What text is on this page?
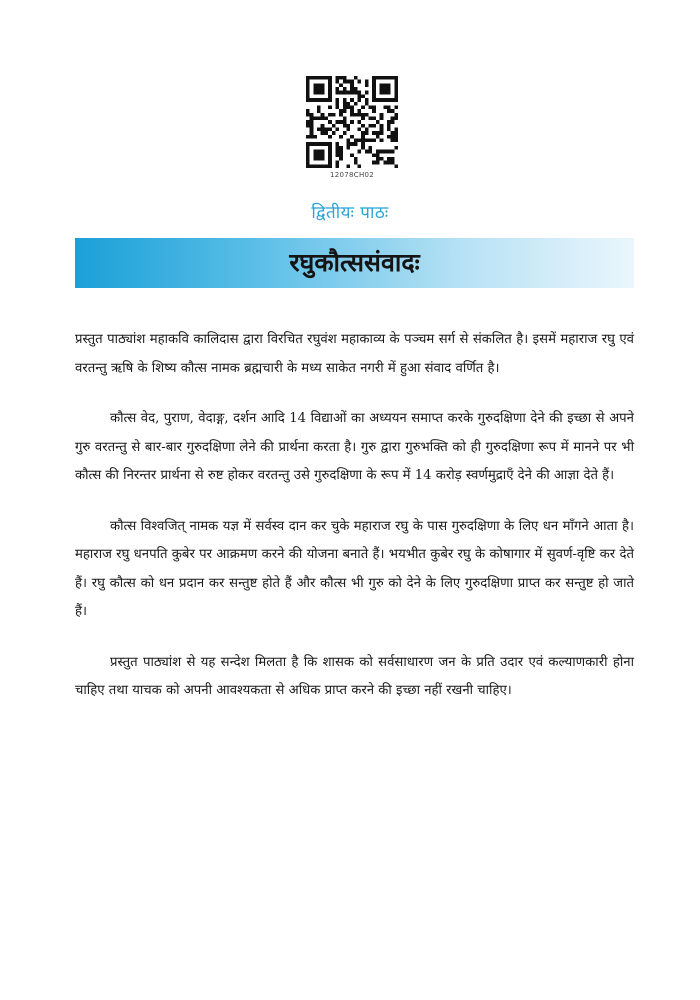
12078CH02
द्वितीयः पाठः
रघुकौत्ससंवादः

प्रस्तुत पाठ्यांश महाकवि कालिदास द्वारा विरचित रघुवंश महाकाव्य के पञ्चम सर्ग से संकलित है। इसमें महाराज रघु एवं वरतन्तु ऋषि के शिष्य कौत्स नामक ब्रह्मचारी के मध्य साकेत नगरी में हुआ संवाद वर्णित है।

कौत्स वेद, पुराण, वेदाङ्ग, दर्शन आदि 14 विद्याओं का अध्ययन समाप्त करके गुरुदक्षिणा देने की इच्छा से अपने गुरु वरतन्तु से बार-बार गुरुदक्षिणा लेने की प्रार्थना करता है। गुरु द्वारा गुरुभक्ति को ही गुरुदक्षिणा रूप में मानने पर भी कौत्स की निरन्तर प्रार्थना से रुष्ट होकर वरतन्तु उसे गुरुदक्षिणा के रूप में 14 करोड़ स्वर्णमुद्राएँ देने की आज्ञा देते हैं।

कौत्स विश्वजित् नामक यज्ञ में सर्वस्व दान कर चुके महाराज रघु के पास गुरुदक्षिणा के लिए धन माँगने आता है। महाराज रघु धनपति कुबेर पर आक्रमण करने की योजना बनाते हैं। भयभीत कुबेर रघु के कोषागार में सुवर्ण-वृष्टि कर देते हैं। रघु कौत्स को धन प्रदान कर सन्तुष्ट होते हैं और कौत्स भी गुरु को देने के लिए गुरुदक्षिणा प्राप्त कर सन्तुष्ट हो जाते हैं।

प्रस्तुत पाठ्यांश से यह सन्देश मिलता है कि शासक को सर्वसाधारण जन के प्रति उदार एवं कल्याणकारी होना चाहिए तथा याचक को अपनी आवश्यकता से अधिक प्राप्त करने की इच्छा नहीं रखनी चाहिए।
